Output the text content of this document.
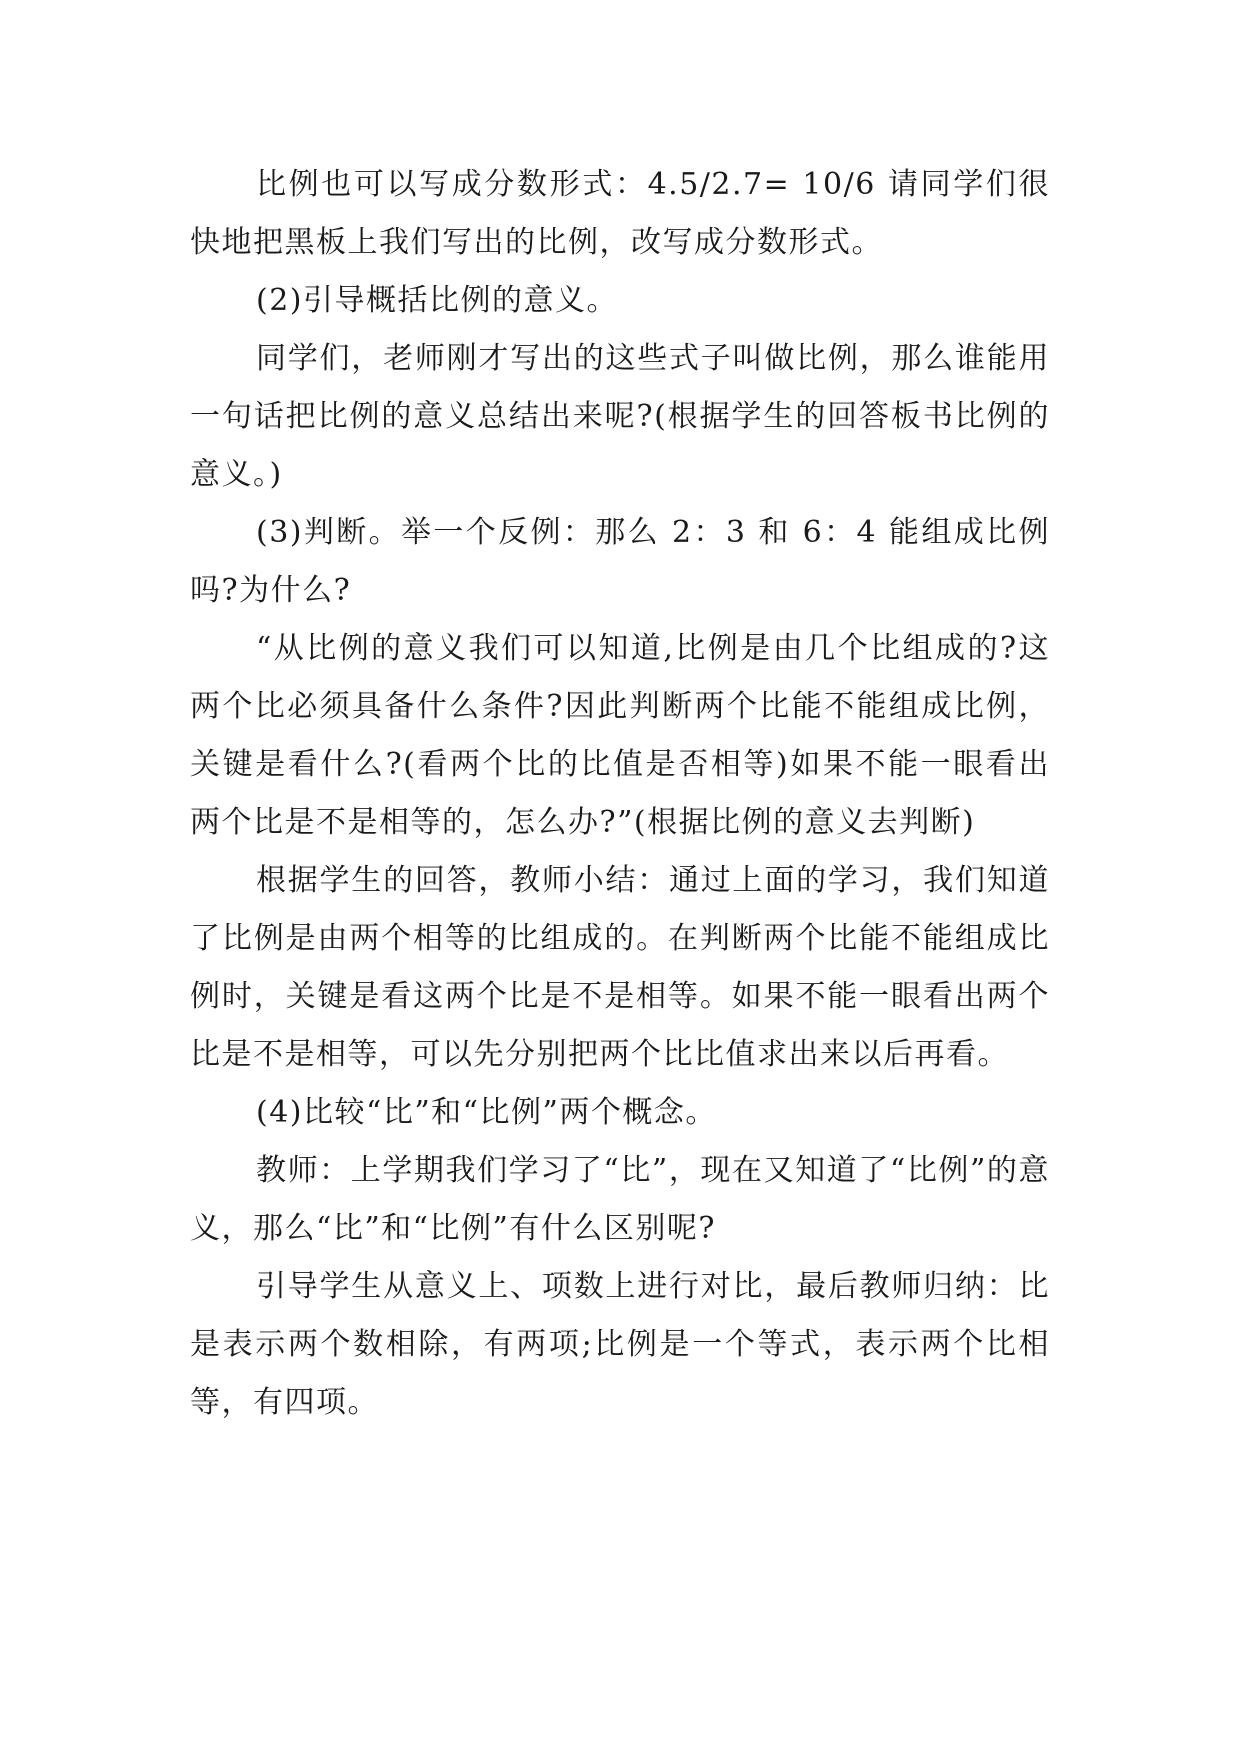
比例也可以写成分数形式：4.5/2.7= 10/6 请同学们很快地把黑板上我们写出的比例，改写成分数形式。

(2)引导概括比例的意义。

同学们，老师刚才写出的这些式子叫做比例，那么谁能用一句话把比例的意义总结出来呢?(根据学生的回答板书比例的意义。)

(3)判断。举一个反例：那么 2：3 和 6：4 能组成比例吗?为什么?

“从比例的意义我们可以知道,比例是由几个比组成的?这两个比必须具备什么条件?因此判断两个比能不能组成比例，关键是看什么?(看两个比的比值是否相等)如果不能一眼看出两个比是不是相等的，怎么办?”(根据比例的意义去判断)

根据学生的回答，教师小结：通过上面的学习，我们知道了比例是由两个相等的比组成的。在判断两个比能不能组成比例时，关键是看这两个比是不是相等。如果不能一眼看出两个比是不是相等，可以先分别把两个比比值求出来以后再看。

(4)比较“比”和“比例”两个概念。

教师：上学期我们学习了“比”，现在又知道了“比例”的意义，那么“比”和“比例”有什么区别呢?

引导学生从意义上、项数上进行对比，最后教师归纳：比是表示两个数相除，有两项;比例是一个等式，表示两个比相等，有四项。
